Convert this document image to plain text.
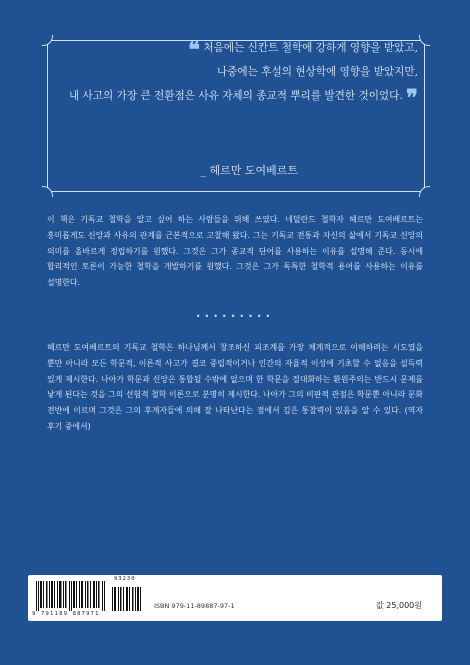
❝ 처음에는 신칸트 철학에 강하게 영향을 받았고,
나중에는 후설의 현상학에 영향을 받았지만,
내 사고의 가장 큰 전환점은 사유 자체의 종교적 뿌리를 발견한 것이었다. ❞
_ 헤르만 도여베르트
이 책은 기독교 철학을 알고 싶어 하는 사람들을 위해 쓰였다. 네덜란드 철학자 헤르만 도여베르트는 흥미롭게도 신앙과 사유의 관계를 근본적으로 고찰해 왔다. 그는 기독교 전통과 자신의 삶에서 기독교 신앙의 의미를 올바르게 정립하기를 원했다. 그것은 그가 종교적 단어를 사용하는 이유를 설명해 준다. 동시에 합리적인 토론이 가능한 철학을 개발하기를 원했다. 그것은 그가 독특한 철학적 용어를 사용하는 이유를 설명한다.
•••••••••
헤르만 도여베르트의 기독교 철학은 하나님께서 창조하신 피조계를 가장 체계적으로 이해하려는 시도였을 뿐만 아니라 모든 학문적, 이론적 사고가 결코 중립적이거나 인간의 자율적 이성에 기초할 수 없음을 설득력 있게 제시한다. 나아가 학문과 신앙은 통합될 수밖에 없으며 한 학문을 절대화하는 환원주의는 반드시 문제를 낳게 된다는 것을 그의 선험적 철학 이론으로 분명히 제시한다. 나아가 그의 비판적 관점은 학문뿐 아니라 문화 전반에 이르며 그것은 그의 후계자들에 의해 잘 나타난다는 점에서 깊은 통찰력이 있음을 알 수 있다. (역자 후기 중에서)
93230
9 791189 887971
ISBN 979-11-89887-97-1	값 25,000원
